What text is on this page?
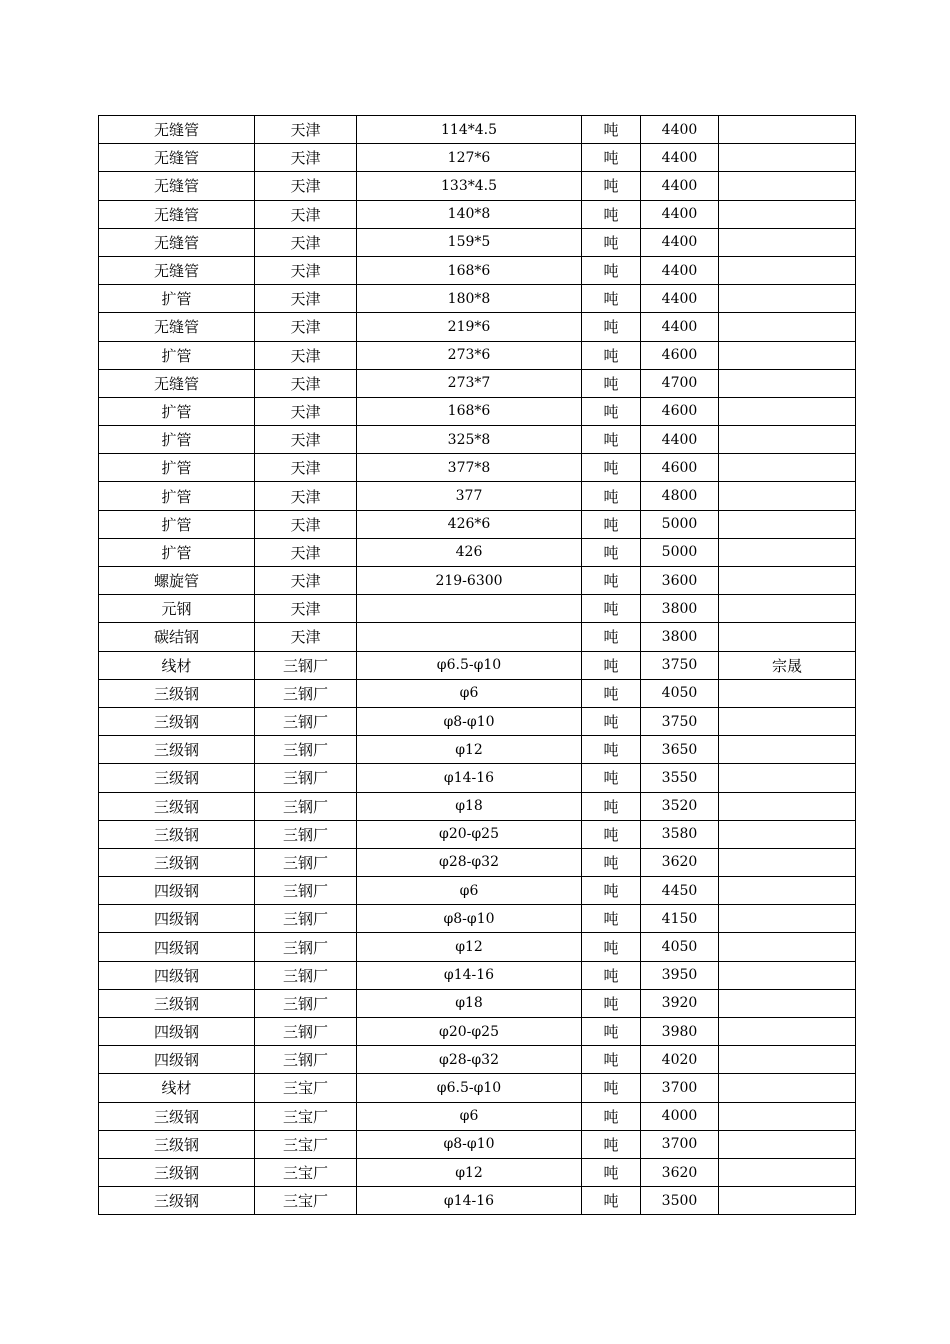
无缝管	天津	114*4.5	吨	4400	
无缝管	天津	127*6	吨	4400	
无缝管	天津	133*4.5	吨	4400	
无缝管	天津	140*8	吨	4400	
无缝管	天津	159*5	吨	4400	
无缝管	天津	168*6	吨	4400	
扩管	天津	180*8	吨	4400	
无缝管	天津	219*6	吨	4400	
扩管	天津	273*6	吨	4600	
无缝管	天津	273*7	吨	4700	
扩管	天津	168*6	吨	4600	
扩管	天津	325*8	吨	4400	
扩管	天津	377*8	吨	4600	
扩管	天津	377	吨	4800	
扩管	天津	426*6	吨	5000	
扩管	天津	426	吨	5000	
螺旋管	天津	219-6300	吨	3600	
元钢	天津		吨	3800	
碳结钢	天津		吨	3800	
线材	三钢厂	φ6.5-φ10	吨	3750	宗晟
三级钢	三钢厂	φ6	吨	4050	
三级钢	三钢厂	φ8-φ10	吨	3750	
三级钢	三钢厂	φ12	吨	3650	
三级钢	三钢厂	φ14-16	吨	3550	
三级钢	三钢厂	φ18	吨	3520	
三级钢	三钢厂	φ20-φ25	吨	3580	
三级钢	三钢厂	φ28-φ32	吨	3620	
四级钢	三钢厂	φ6	吨	4450	
四级钢	三钢厂	φ8-φ10	吨	4150	
四级钢	三钢厂	φ12	吨	4050	
四级钢	三钢厂	φ14-16	吨	3950	
三级钢	三钢厂	φ18	吨	3920	
四级钢	三钢厂	φ20-φ25	吨	3980	
四级钢	三钢厂	φ28-φ32	吨	4020	
线材	三宝厂	φ6.5-φ10	吨	3700	
三级钢	三宝厂	φ6	吨	4000	
三级钢	三宝厂	φ8-φ10	吨	3700	
三级钢	三宝厂	φ12	吨	3620	
三级钢	三宝厂	φ14-16	吨	3500	
